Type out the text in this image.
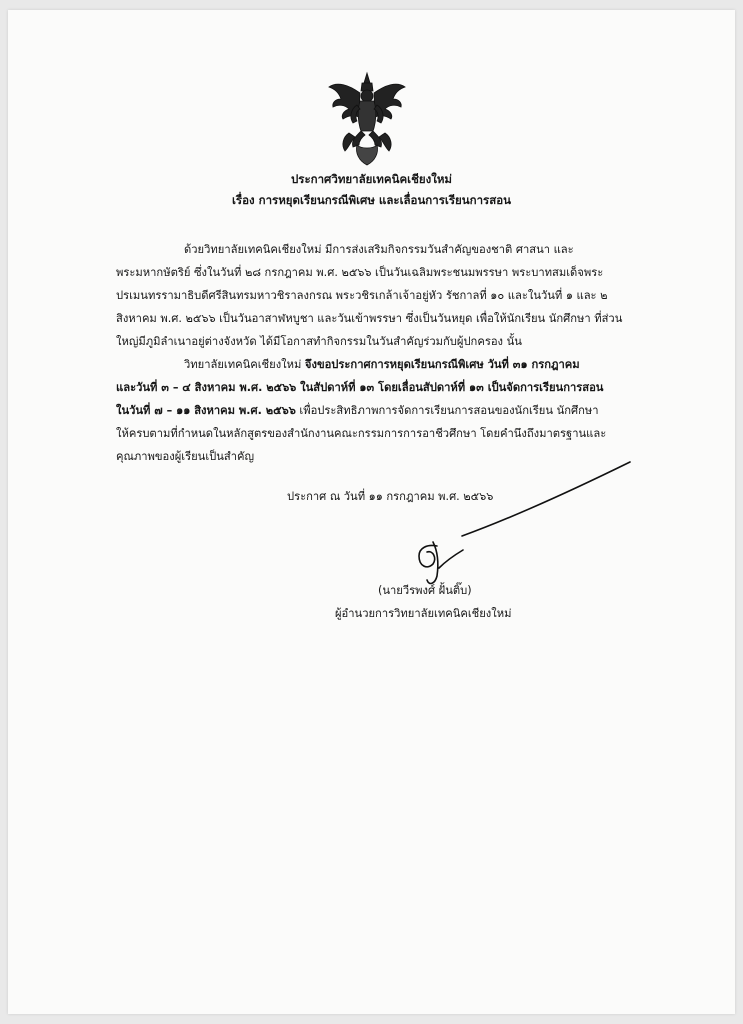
ประกาศวิทยาลัยเทคนิคเชียงใหม่
เรื่อง การหยุดเรียนกรณีพิเศษ และเลื่อนการเรียนการสอน
ด้วยวิทยาลัยเทคนิคเชียงใหม่ มีการส่งเสริมกิจกรรมวันสำคัญของชาติ ศาสนา และ
พระมหากษัตริย์ ซึ่งในวันที่ ๒๘ กรกฎาคม พ.ศ. ๒๕๖๖ เป็นวันเฉลิมพระชนมพรรษา พระบาทสมเด็จพระ
ปรเมนทรรามาธิบดีศรีสินทรมหาวชิราลงกรณ พระวชิรเกล้าเจ้าอยู่หัว รัชกาลที่ ๑๐ และในวันที่ ๑ และ ๒
สิงหาคม พ.ศ. ๒๕๖๖ เป็นวันอาสาฬหบูชา และวันเข้าพรรษา ซึ่งเป็นวันหยุด เพื่อให้นักเรียน นักศึกษา ที่ส่วน
ใหญ่มีภูมิลำเนาอยู่ต่างจังหวัด ได้มีโอกาสทำกิจกรรมในวันสำคัญร่วมกับผู้ปกครอง นั้น
วิทยาลัยเทคนิคเชียงใหม่ จึงขอประกาศการหยุดเรียนกรณีพิเศษ วันที่ ๓๑ กรกฎาคม
และวันที่ ๓ – ๔ สิงหาคม พ.ศ. ๒๕๖๖ ในสัปดาห์ที่ ๑๓ โดยเลื่อนสัปดาห์ที่ ๑๓ เป็นจัดการเรียนการสอน
ในวันที่ ๗ – ๑๑ สิงหาคม พ.ศ. ๒๕๖๖ เพื่อประสิทธิภาพการจัดการเรียนการสอนของนักเรียน นักศึกษา
ให้ครบตามที่กำหนดในหลักสูตรของสำนักงานคณะกรรมการการอาชีวศึกษา โดยคำนึงถึงมาตรฐานและ
คุณภาพของผู้เรียนเป็นสำคัญ
ประกาศ ณ วันที่ ๑๑ กรกฎาคม พ.ศ. ๒๕๖๖
(นายวีรพงศ์ ฝั้นติ๊บ)
ผู้อำนวยการวิทยาลัยเทคนิคเชียงใหม่
